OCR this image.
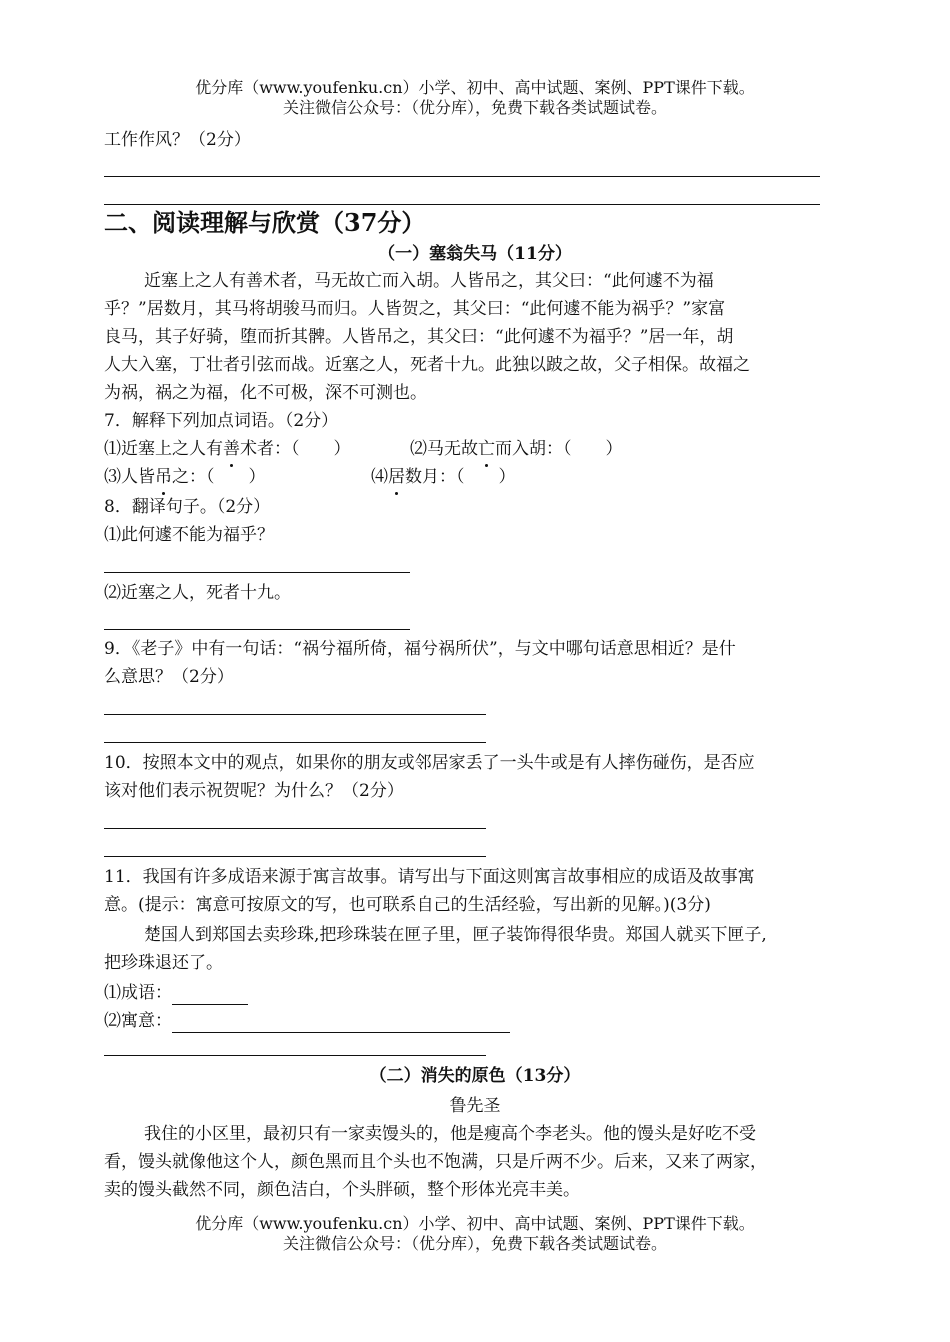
优分库（www.youfenku.cn）小学、初中、高中试题、案例、PPT课件下载。
关注微信公众号：（优分库），免费下载各类试题试卷。
工作作风？（2分）
二、阅读理解与欣赏（37分）
（一）塞翁失马（11分）
近塞上之人有善术者，马无故亡而入胡。人皆吊之，其父曰：“此何遽不为福
乎？”居数月，其马将胡骏马而归。人皆贺之，其父曰：“此何遽不能为祸乎？”家富
良马，其子好骑，堕而折其髀。人皆吊之，其父曰：“此何遽不为福乎？”居一年，胡
人大入塞，丁壮者引弦而战。近塞之人，死者十九。此独以跛之故，父子相保。故福之
为祸，祸之为福，化不可极，深不可测也。
7．解释下列加点词语。（2分）
⑴近塞上之人有善术者：（　　）	⑵马无故亡而入胡：（　　）
⑶人皆吊之：（　　）	⑷居数月：（　　）
8．翻译句子。（2分）
⑴此何遽不能为福乎？
⑵近塞之人，死者十九。
9．《老子》中有一句话：“祸兮福所倚，福兮祸所伏”，与文中哪句话意思相近？是什
么意思？（2分）
10．按照本文中的观点，如果你的朋友或邻居家丢了一头牛或是有人摔伤碰伤，是否应
该对他们表示祝贺呢？为什么？（2分）
11．我国有许多成语来源于寓言故事。请写出与下面这则寓言故事相应的成语及故事寓
意。(提示：寓意可按原文的写，也可联系自己的生活经验，写出新的见解。)(3分)
楚国人到郑国去卖珍珠,把珍珠装在匣子里，匣子装饰得很华贵。郑国人就买下匣子,
把珍珠退还了。
⑴成语：
⑵寓意：
（二）消失的原色（13分）
鲁先圣
我住的小区里，最初只有一家卖馒头的，他是瘦高个李老头。他的馒头是好吃不受
看，馒头就像他这个人，颜色黑而且个头也不饱满，只是斤两不少。后来，又来了两家，
卖的馒头截然不同，颜色洁白，个头胖硕，整个形体光亮丰美。
优分库（www.youfenku.cn）小学、初中、高中试题、案例、PPT课件下载。
关注微信公众号：（优分库），免费下载各类试题试卷。
